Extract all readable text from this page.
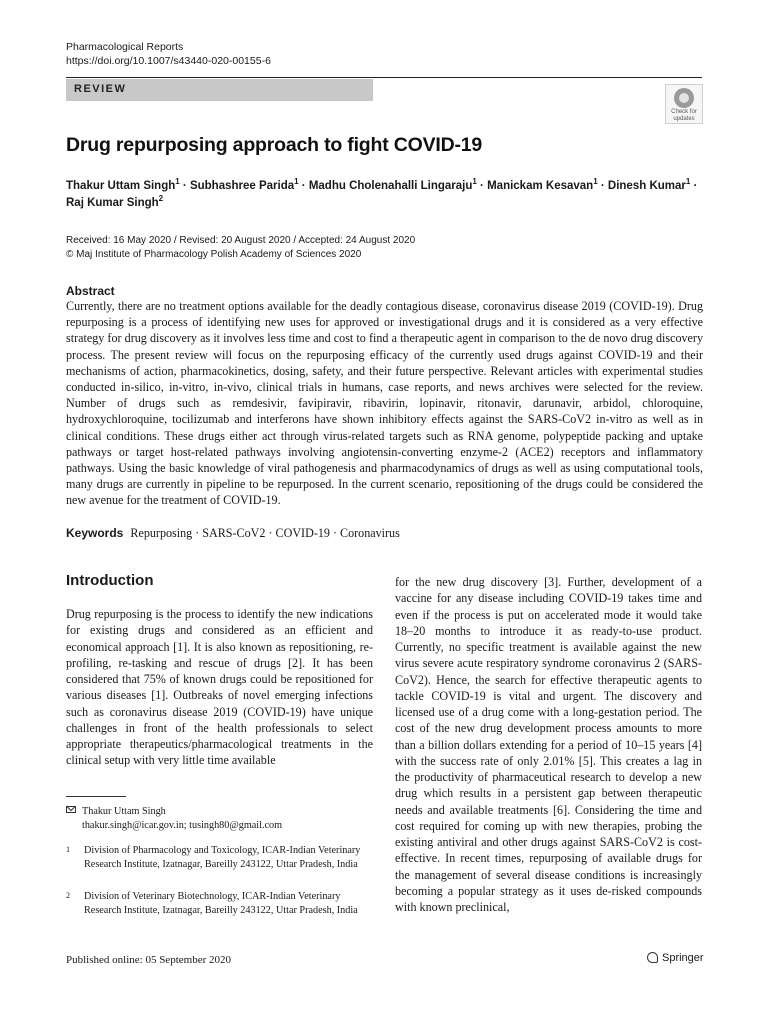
Pharmacological Reports
https://doi.org/10.1007/s43440-020-00155-6
REVIEW
Check for
updates
Drug repurposing approach to fight COVID-19
Thakur Uttam Singh$^1$ · Subhashree Parida$^1$ · Madhu Cholenahalli Lingaraju$^1$ · Manickam Kesavan$^1$ · Dinesh Kumar$^1$ ·
Raj Kumar Singh$^2$
Received: 16 May 2020 / Revised: 20 August 2020 / Accepted: 24 August 2020
© Maj Institute of Pharmacology Polish Academy of Sciences 2020
Abstract
Currently, there are no treatment options available for the deadly contagious disease, coronavirus disease 2019 (COVID-19). Drug repurposing is a process of identifying new uses for approved or investigational drugs and it is considered as a very effective strategy for drug discovery as it involves less time and cost to find a therapeutic agent in comparison to the de novo drug discovery process. The present review will focus on the repurposing efficacy of the currently used drugs against COVID-19 and their mechanisms of action, pharmacokinetics, dosing, safety, and their future perspective. Relevant articles with experimental studies conducted in-silico, in-vitro, in-vivo, clinical trials in humans, case reports, and news archives were selected for the review. Number of drugs such as remdesivir, favipiravir, ribavirin, lopinavir, ritonavir, darunavir, arbidol, chloroquine, hydroxychloroquine, tocilizumab and interferons have shown inhibitory effects against the SARS-CoV2 in-vitro as well as in clinical conditions. These drugs either act through virus-related targets such as RNA genome, polypeptide packing and uptake pathways or target host-related pathways involving angiotensin-converting enzyme-2 (ACE2) receptors and inflammatory pathways. Using the basic knowledge of viral pathogenesis and pharmacodynamics of drugs as well as using computational tools, many drugs are currently in pipeline to be repurposed. In the current scenario, repositioning of the drugs could be considered the new avenue for the treatment of COVID-19.
Keywords Repurposing · SARS-CoV2 · COVID-19 · Coronavirus
Introduction
Drug repurposing is the process to identify the new indications for existing drugs and considered as an efficient and economical approach [1]. It is also known as repositioning, re-profiling, re-tasking and rescue of drugs [2]. It has been considered that 75% of known drugs could be repositioned for various diseases [1]. Outbreaks of novel emerging infections such as coronavirus disease 2019 (COVID-19) have unique challenges in front of the health professionals to select appropriate therapeutics/pharmacological treatments in the clinical setup with very little time available
for the new drug discovery [3]. Further, development of a vaccine for any disease including COVID-19 takes time and even if the process is put on accelerated mode it would take 18–20 months to introduce it as ready-to-use product. Currently, no specific treatment is available against the new virus severe acute respiratory syndrome coronavirus 2 (SARS-CoV2). Hence, the search for effective therapeutic agents to tackle COVID-19 is vital and urgent. The discovery and licensed use of a drug come with a long-gestation period. The cost of the new drug development process amounts to more than a billion dollars extending for a period of 10–15 years [4] with the success rate of only 2.01% [5]. This creates a lag in the productivity of pharmaceutical research to develop a new drug which results in a persistent gap between therapeutic needs and available treatments [6]. Considering the time and cost required for coming up with new therapies, probing the existing antiviral and other drugs against SARS-CoV2 is cost-effective. In recent times, repurposing of available drugs for the management of several disease conditions is increasingly becoming a popular strategy as it uses de-risked compounds with known preclinical,
Thakur Uttam Singh
thakur.singh@icar.gov.in; tusingh80@gmail.com
1 Division of Pharmacology and Toxicology, ICAR-Indian Veterinary Research Institute, Izatnagar, Bareilly 243122, Uttar Pradesh, India
2 Division of Veterinary Biotechnology, ICAR-Indian Veterinary Research Institute, Izatnagar, Bareilly 243122, Uttar Pradesh, India
Published online: 05 September 2020	Springer
